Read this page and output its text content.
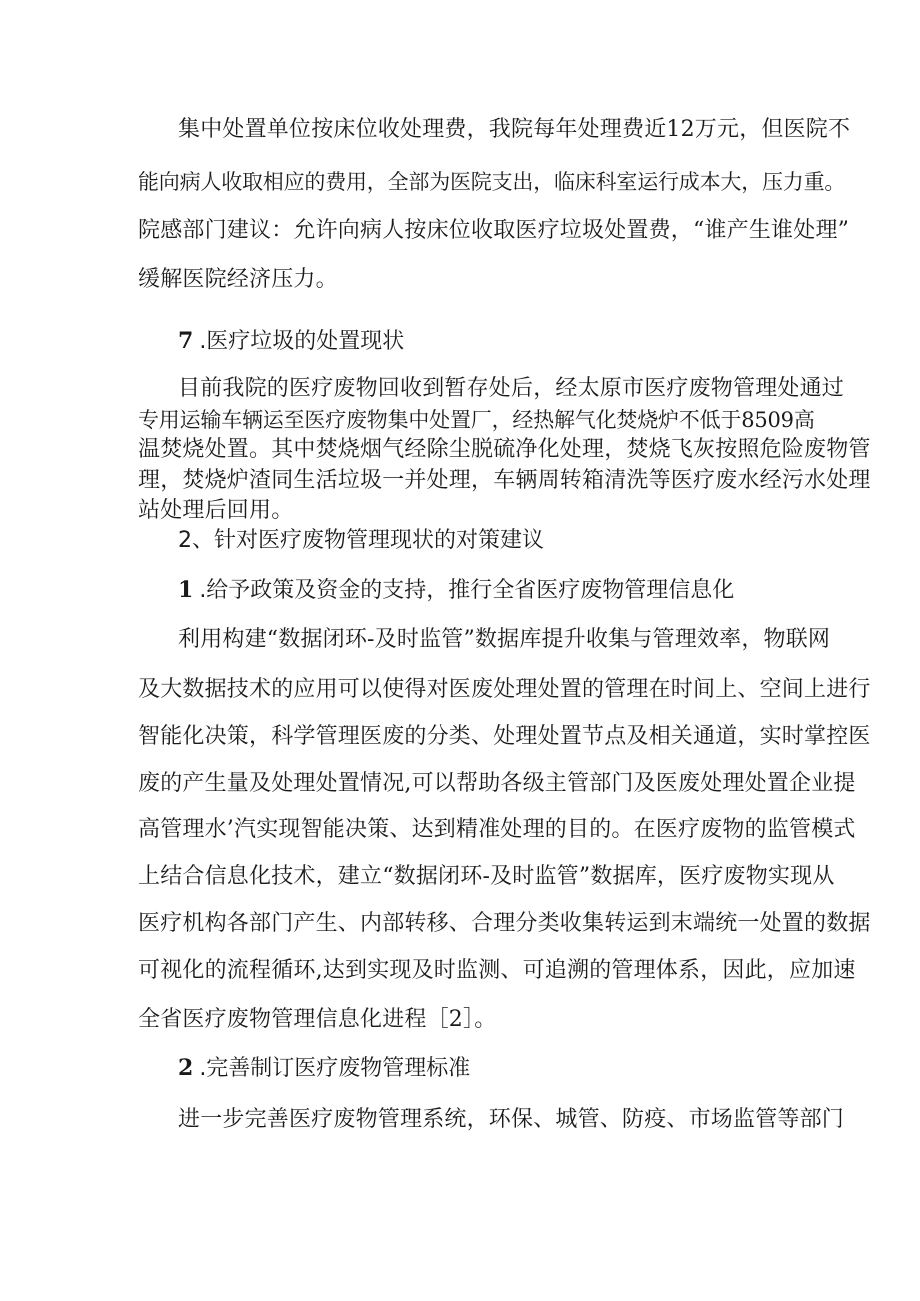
集中处置单位按床位收处理费，我院每年处理费近12万元，但医院不
能向病人收取相应的费用，全部为医院支出，临床科室运行成本大，压力重。
院感部门建议：允许向病人按床位收取医疗垃圾处置费，“谁产生谁处理”
缓解医院经济压力。
7 .医疗垃圾的处置现状
目前我院的医疗废物回收到暂存处后，经太原市医疗废物管理处通过
专用运输车辆运至医疗废物集中处置厂，经热解气化焚烧炉不低于8509高
温焚烧处置。其中焚烧烟气经除尘脱硫净化处理，焚烧飞灰按照危险废物管
理，焚烧炉渣同生活垃圾一并处理，车辆周转箱清洗等医疗废水经污水处理
站处理后回用。
2、针对医疗废物管理现状的对策建议
1 .给予政策及资金的支持，推行全省医疗废物管理信息化
利用构建“数据闭环-及时监管”数据库提升收集与管理效率，物联网
及大数据技术的应用可以使得对医废处理处置的管理在时间上、空间上进行
智能化决策，科学管理医废的分类、处理处置节点及相关通道，实时掌控医
废的产生量及处理处置情况,可以帮助各级主管部门及医废处理处置企业提
高管理水’汽实现智能决策、达到精准处理的目的。在医疗废物的监管模式
上结合信息化技术，建立“数据闭环-及时监管”数据库，医疗废物实现从
医疗机构各部门产生、内部转移、合理分类收集转运到末端统一处置的数据
可视化的流程循环,达到实现及时监测、可追溯的管理体系，因此，应加速
全省医疗废物管理信息化进程［2］。
2 .完善制订医疗废物管理标准
进一步完善医疗废物管理系统，环保、城管、防疫、市场监管等部门
